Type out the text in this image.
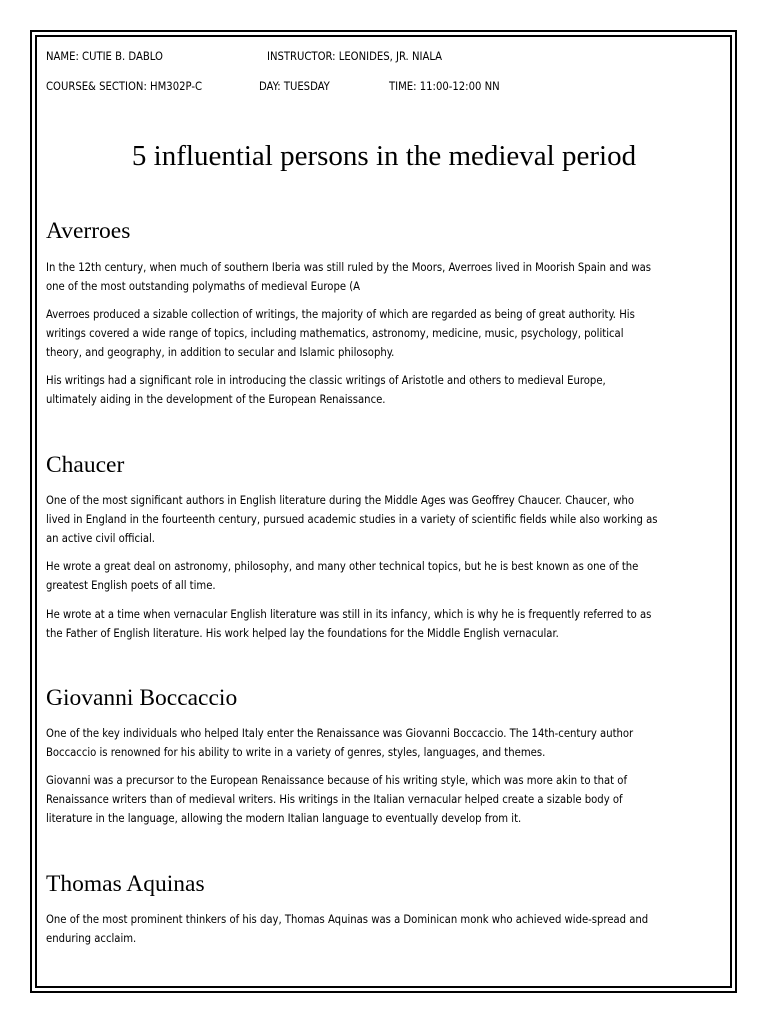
NAME: CUTIE B. DABLO	INSTRUCTOR: LEONIDES, JR. NIALA
COURSE& SECTION: HM302P-C	DAY: TUESDAY	TIME: 11:00-12:00 NN
5 influential persons in the medieval period
Averroes
In the 12th century, when much of southern Iberia was still ruled by the Moors, Averroes lived in Moorish Spain and was
one of the most outstanding polymaths of medieval Europe (A
Averroes produced a sizable collection of writings, the majority of which are regarded as being of great authority. His
writings covered a wide range of topics, including mathematics, astronomy, medicine, music, psychology, political
theory, and geography, in addition to secular and Islamic philosophy.
His writings had a significant role in introducing the classic writings of Aristotle and others to medieval Europe,
ultimately aiding in the development of the European Renaissance.
Chaucer
One of the most significant authors in English literature during the Middle Ages was Geoffrey Chaucer. Chaucer, who
lived in England in the fourteenth century, pursued academic studies in a variety of scientific fields while also working as
an active civil official.
He wrote a great deal on astronomy, philosophy, and many other technical topics, but he is best known as one of the
greatest English poets of all time.
He wrote at a time when vernacular English literature was still in its infancy, which is why he is frequently referred to as
the Father of English literature. His work helped lay the foundations for the Middle English vernacular.
Giovanni Boccaccio
One of the key individuals who helped Italy enter the Renaissance was Giovanni Boccaccio. The 14th-century author
Boccaccio is renowned for his ability to write in a variety of genres, styles, languages, and themes.
Giovanni was a precursor to the European Renaissance because of his writing style, which was more akin to that of
Renaissance writers than of medieval writers. His writings in the Italian vernacular helped create a sizable body of
literature in the language, allowing the modern Italian language to eventually develop from it.
Thomas Aquinas
One of the most prominent thinkers of his day, Thomas Aquinas was a Dominican monk who achieved wide-spread and
enduring acclaim.
